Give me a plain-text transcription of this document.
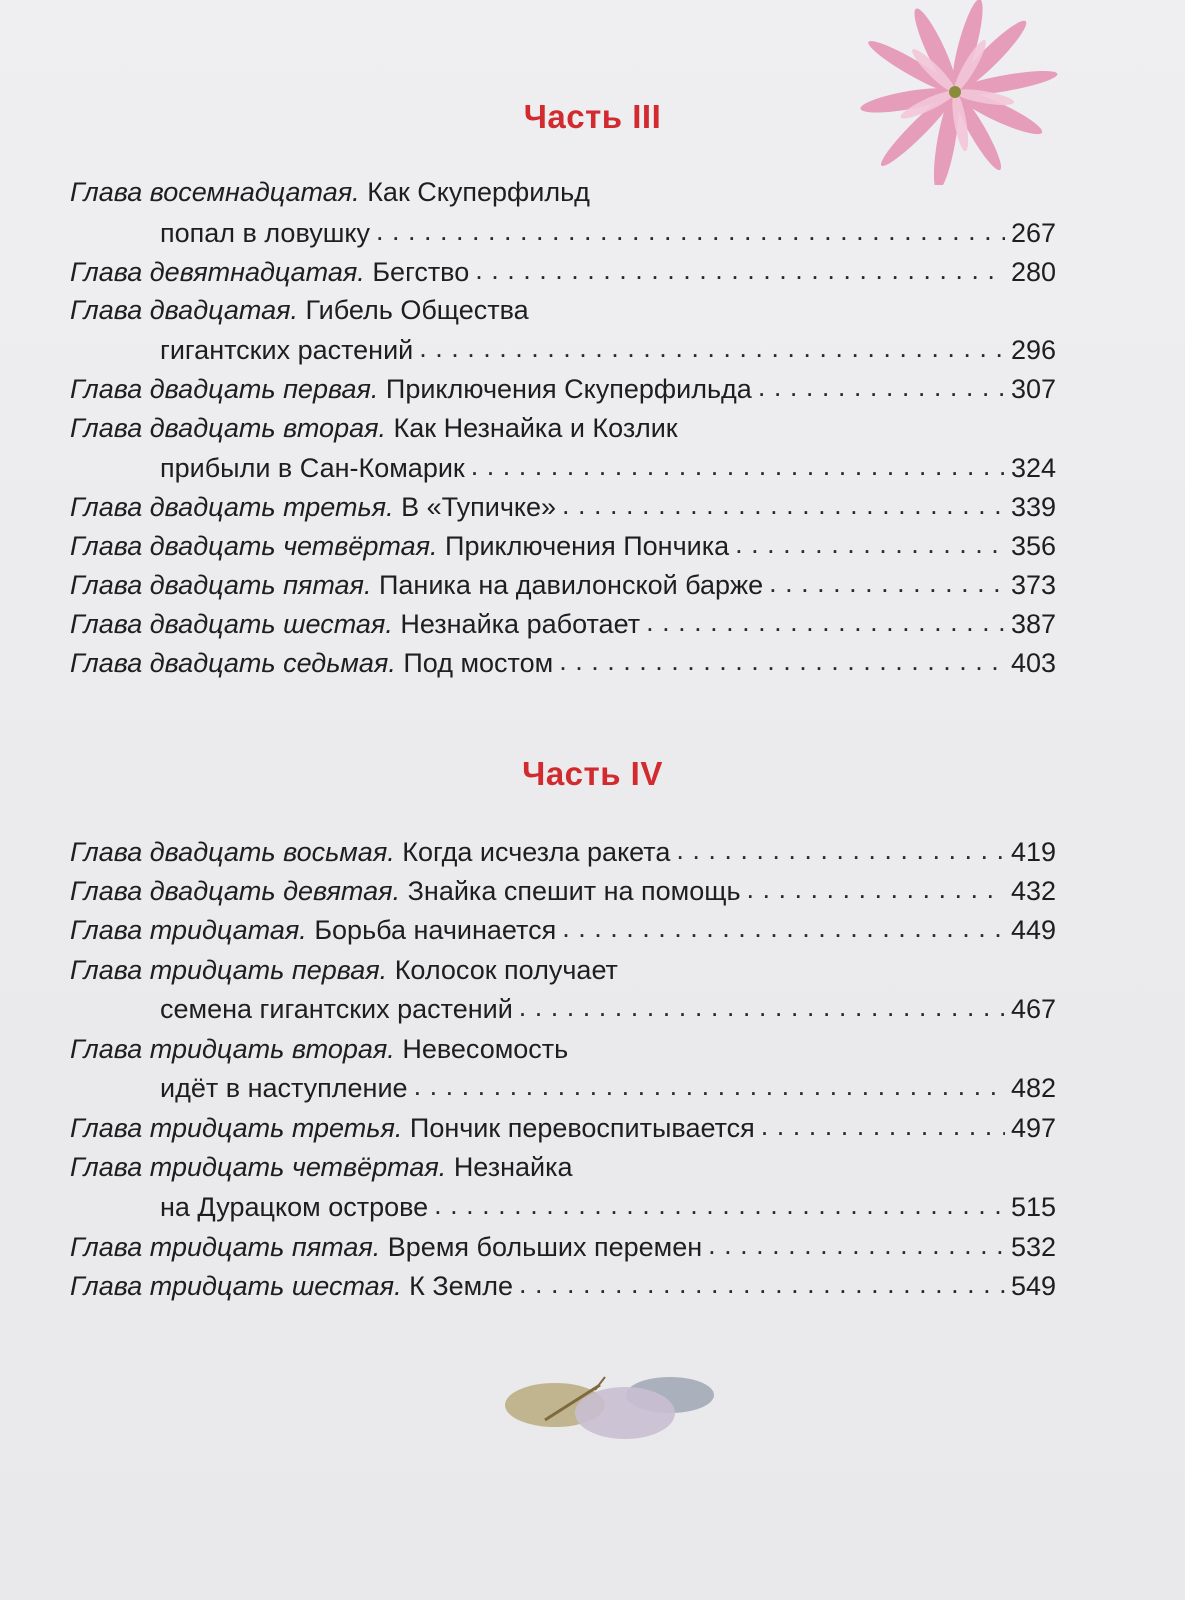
Часть III
Глава восемнадцатая. Как Скуперфильд
попал в ловушку . . .	267
Глава девятнадцатая. Бегство . . .	280
Глава двадцатая. Гибель Общества
гигантских растений . . .	296
Глава двадцать первая. Приключения Скуперфильда . . .	307
Глава двадцать вторая. Как Незнайка и Козлик
прибыли в Сан-Комарик . . .	324
Глава двадцать третья. В «Тупичке» . . .	339
Глава двадцать четвёртая. Приключения Пончика . . .	356
Глава двадцать пятая. Паника на давилонской барже . . .	373
Глава двадцать шестая. Незнайка работает . . .	387
Глава двадцать седьмая. Под мостом . . .	403
Часть IV
Глава двадцать восьмая. Когда исчезла ракета . . .	419
Глава двадцать девятая. Знайка спешит на помощь . . .	432
Глава тридцатая. Борьба начинается . . .	449
Глава тридцать первая. Колосок получает
семена гигантских растений . . .	467
Глава тридцать вторая. Невесомость
идёт в наступление . . .	482
Глава тридцать третья. Пончик перевоспитывается . . .	497
Глава тридцать четвёртая. Незнайка
на Дурацком острове . . .	515
Глава тридцать пятая. Время больших перемен . . .	532
Глава тридцать шестая. К Земле . . .	549
